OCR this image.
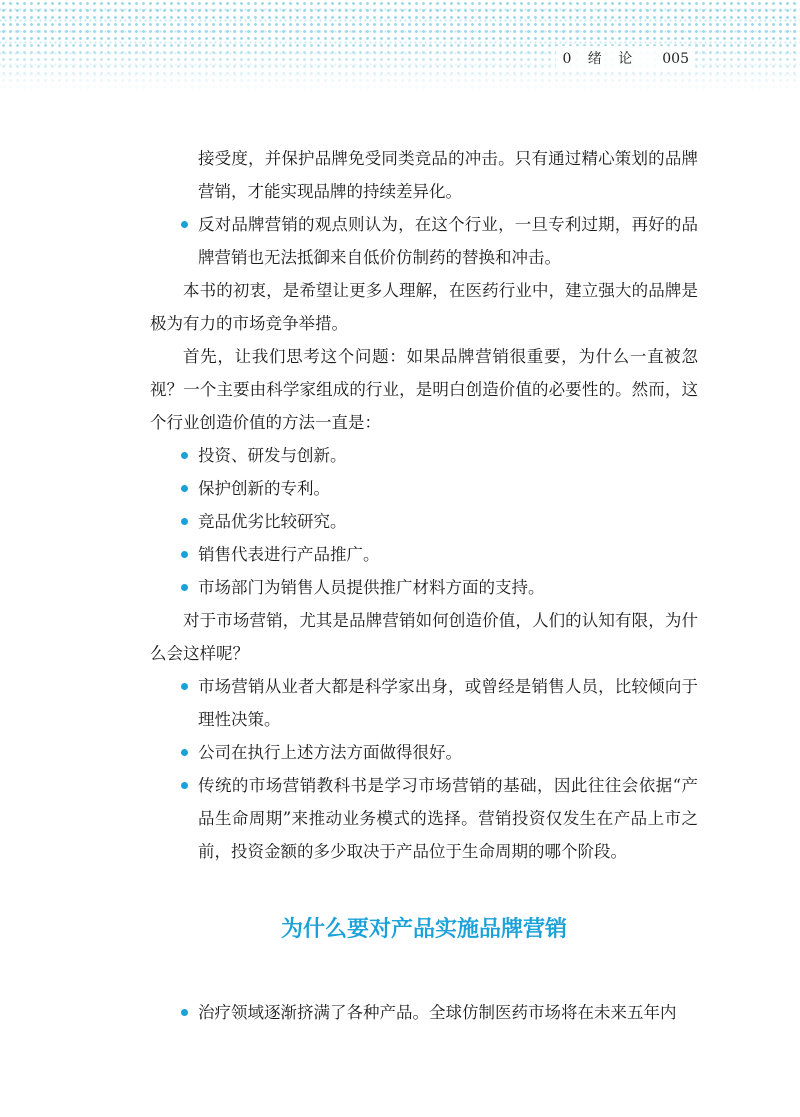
0 绪 论 005

接受度，并保护品牌免受同类竞品的冲击。只有通过精心策划的品牌营销，才能实现品牌的持续差异化。

反对品牌营销的观点则认为，在这个行业，一旦专利过期，再好的品牌营销也无法抵御来自低价仿制药的替换和冲击。

本书的初衷，是希望让更多人理解，在医药行业中，建立强大的品牌是极为有力的市场竞争举措。

首先，让我们思考这个问题：如果品牌营销很重要，为什么一直被忽视？一个主要由科学家组成的行业，是明白创造价值的必要性的。然而，这个行业创造价值的方法一直是：

投资、研发与创新。

保护创新的专利。

竞品优劣比较研究。

销售代表进行产品推广。

市场部门为销售人员提供推广材料方面的支持。

对于市场营销，尤其是品牌营销如何创造价值，人们的认知有限，为什么会这样呢？

市场营销从业者大都是科学家出身，或曾经是销售人员，比较倾向于理性决策。

公司在执行上述方法方面做得很好。

传统的市场营销教科书是学习市场营销的基础，因此往往会依据“产品生命周期”来推动业务模式的选择。营销投资仅发生在产品上市之前，投资金额的多少取决于产品位于生命周期的哪个阶段。

为什么要对产品实施品牌营销

治疗领域逐渐挤满了各种产品。全球仿制医药市场将在未来五年内
